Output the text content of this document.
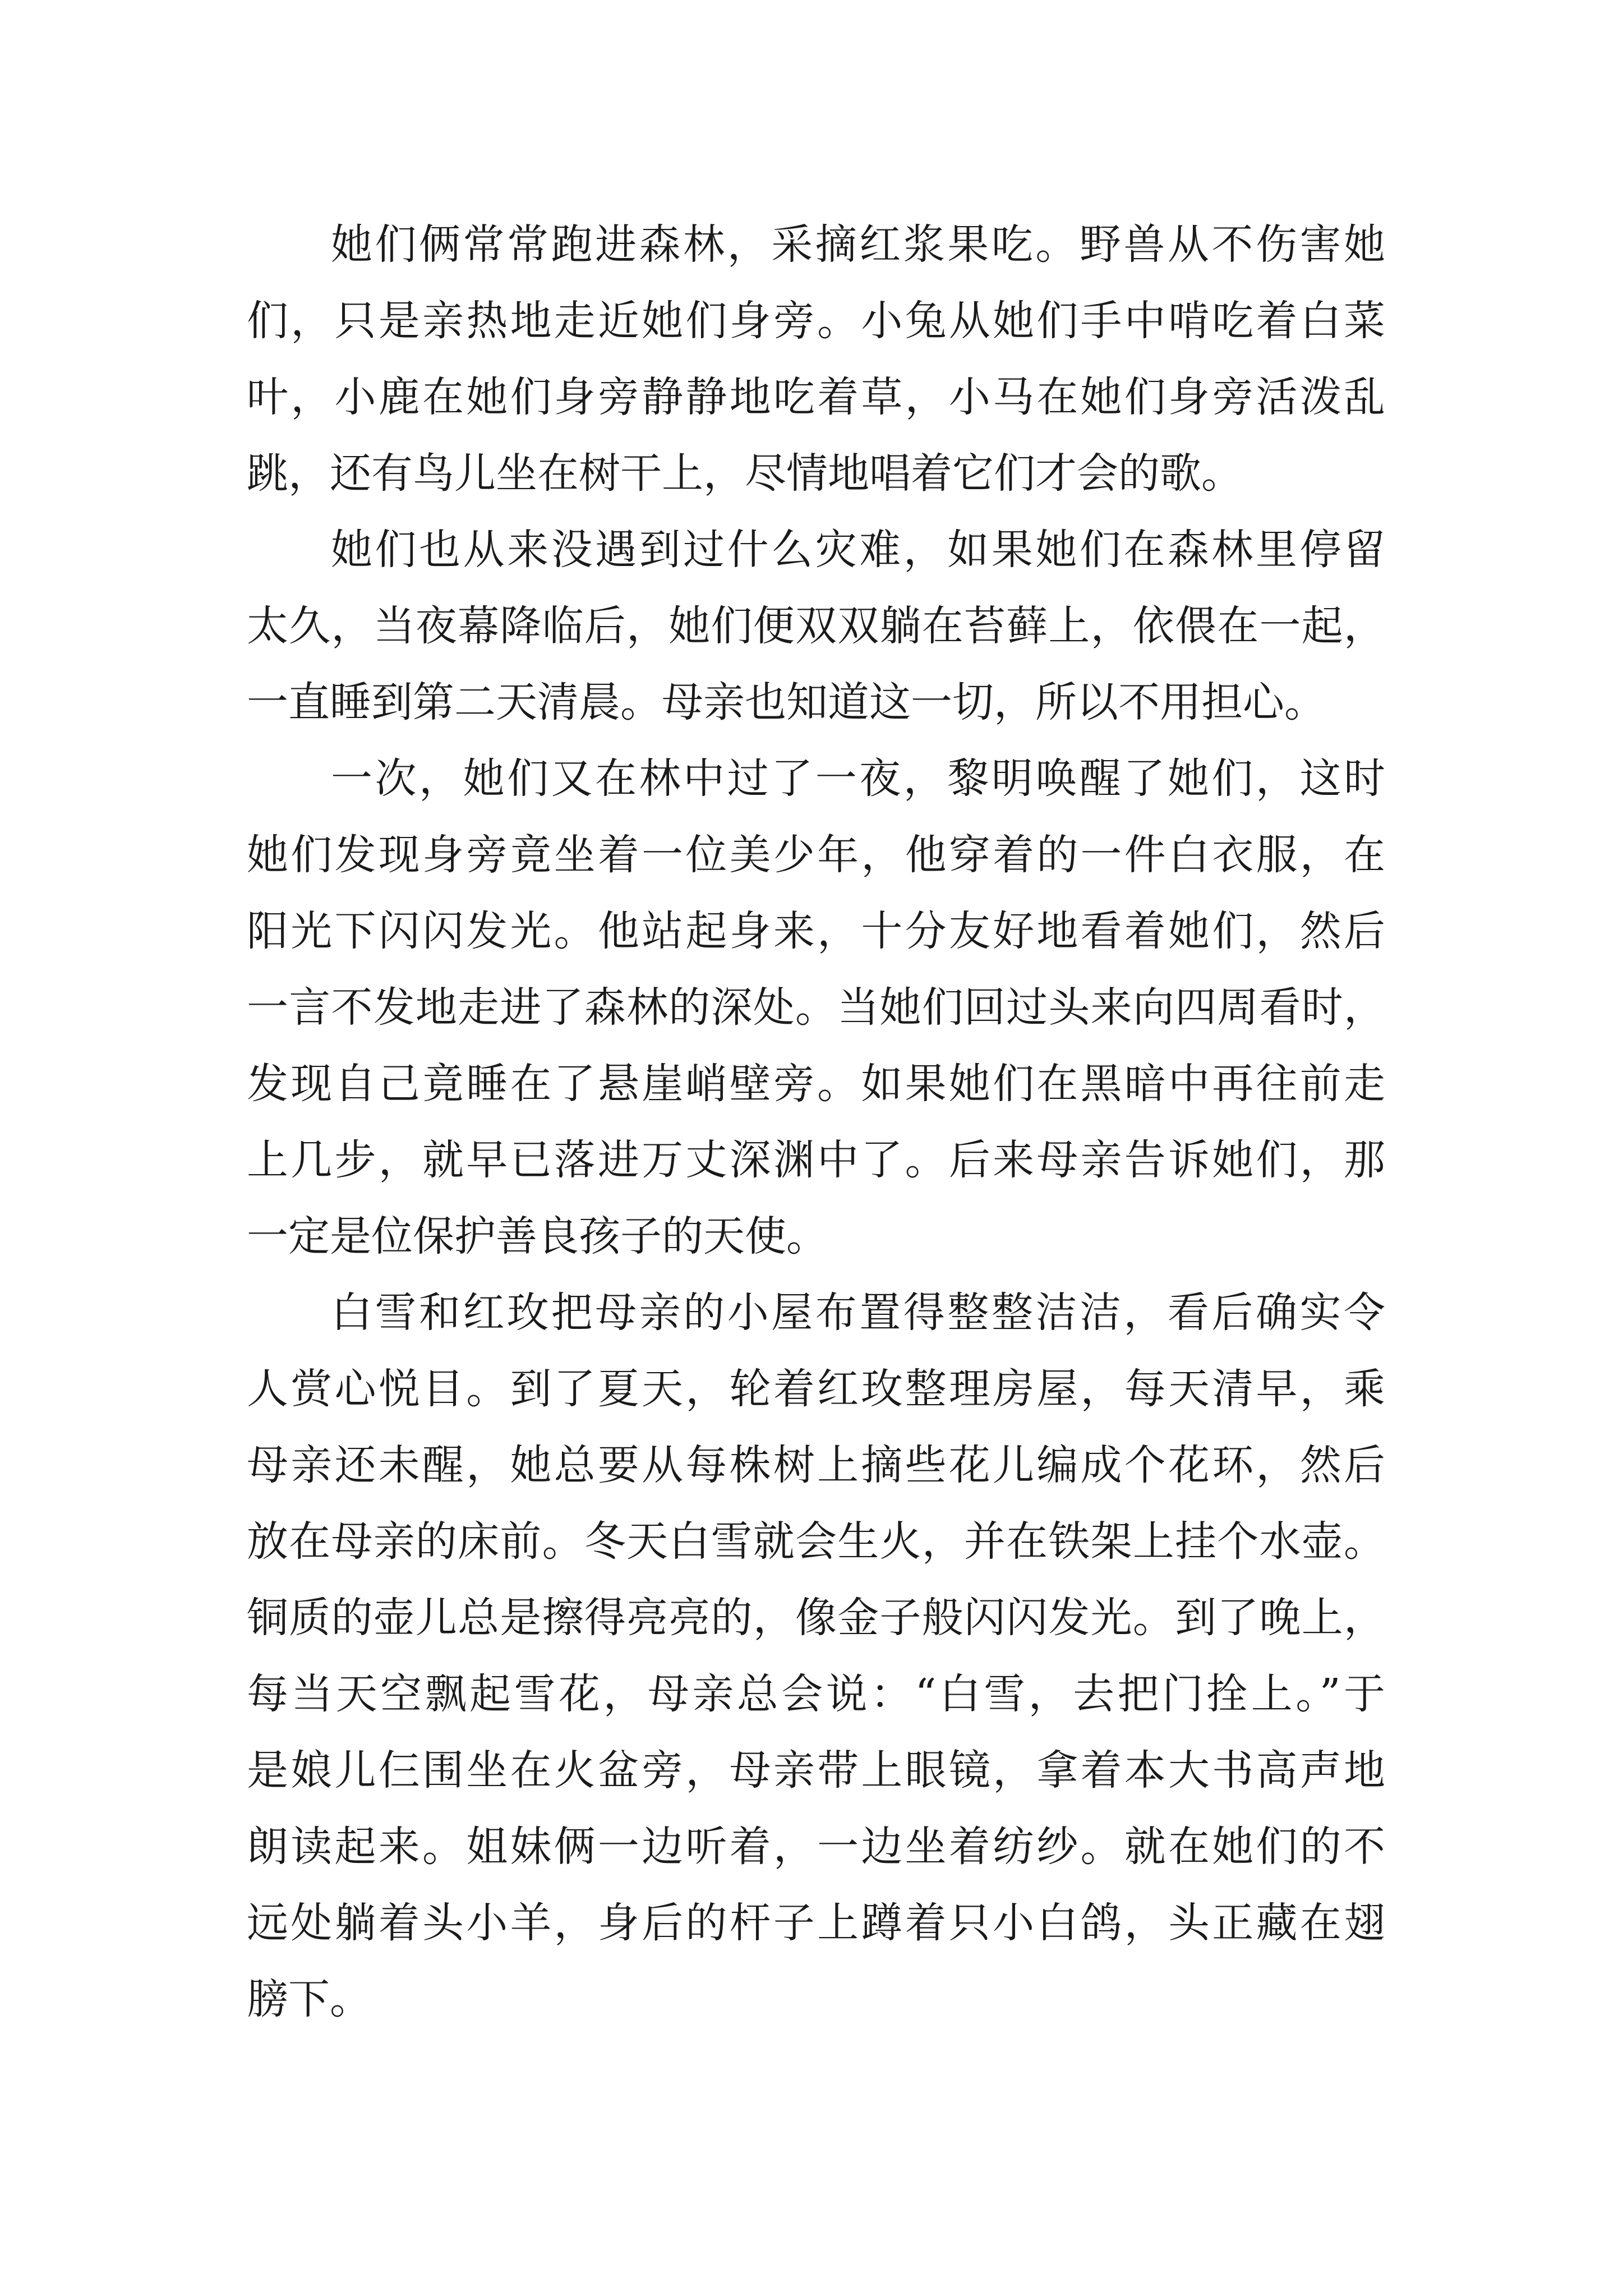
她们俩常常跑进森林，采摘红浆果吃。野兽从不伤害她
们，只是亲热地走近她们身旁。小兔从她们手中啃吃着白菜
叶，小鹿在她们身旁静静地吃着草，小马在她们身旁活泼乱
跳，还有鸟儿坐在树干上，尽情地唱着它们才会的歌。
她们也从来没遇到过什么灾难，如果她们在森林里停留
太久，当夜幕降临后，她们便双双躺在苔藓上，依偎在一起，
一直睡到第二天清晨。母亲也知道这一切，所以不用担心。
一次，她们又在林中过了一夜，黎明唤醒了她们，这时
她们发现身旁竟坐着一位美少年，他穿着的一件白衣服，在
阳光下闪闪发光。他站起身来，十分友好地看着她们，然后
一言不发地走进了森林的深处。当她们回过头来向四周看时，
发现自己竟睡在了悬崖峭壁旁。如果她们在黑暗中再往前走
上几步，就早已落进万丈深渊中了。后来母亲告诉她们，那
一定是位保护善良孩子的天使。
白雪和红玫把母亲的小屋布置得整整洁洁，看后确实令
人赏心悦目。到了夏天，轮着红玫整理房屋，每天清早，乘
母亲还未醒，她总要从每株树上摘些花儿编成个花环，然后
放在母亲的床前。冬天白雪就会生火，并在铁架上挂个水壶。
铜质的壶儿总是擦得亮亮的，像金子般闪闪发光。到了晚上，
每当天空飘起雪花，母亲总会说：“白雪，去把门拴上。”于
是娘儿仨围坐在火盆旁，母亲带上眼镜，拿着本大书高声地
朗读起来。姐妹俩一边听着，一边坐着纺纱。就在她们的不
远处躺着头小羊，身后的杆子上蹲着只小白鸽，头正藏在翅
膀下。
